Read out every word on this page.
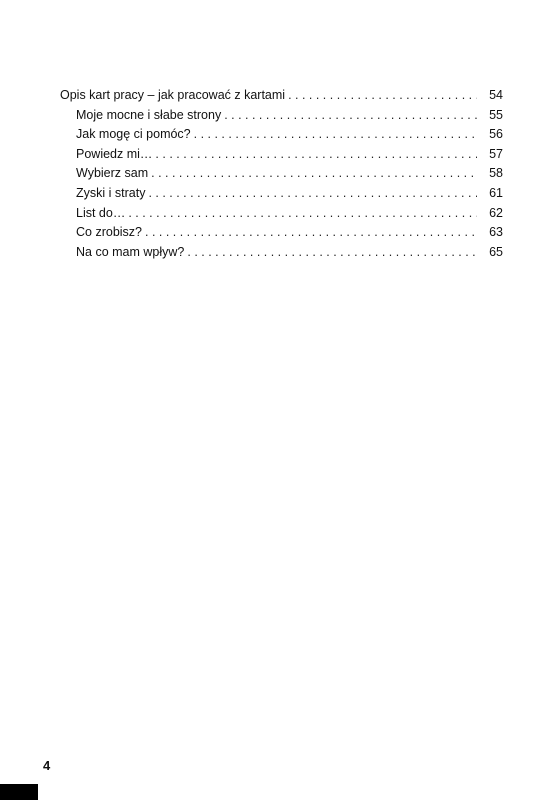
Opis kart pracy – jak pracować z kartami . . .	54
Moje mocne i słabe strony . . .	55
Jak mogę ci pomóc? . . .	56
Powiedz mi… . . .	57
Wybierz sam . . .	58
Zyski i straty . . .	61
List do… . . .	62
Co zrobisz? . . .	63
Na co mam wpływ? . . .	65
4
